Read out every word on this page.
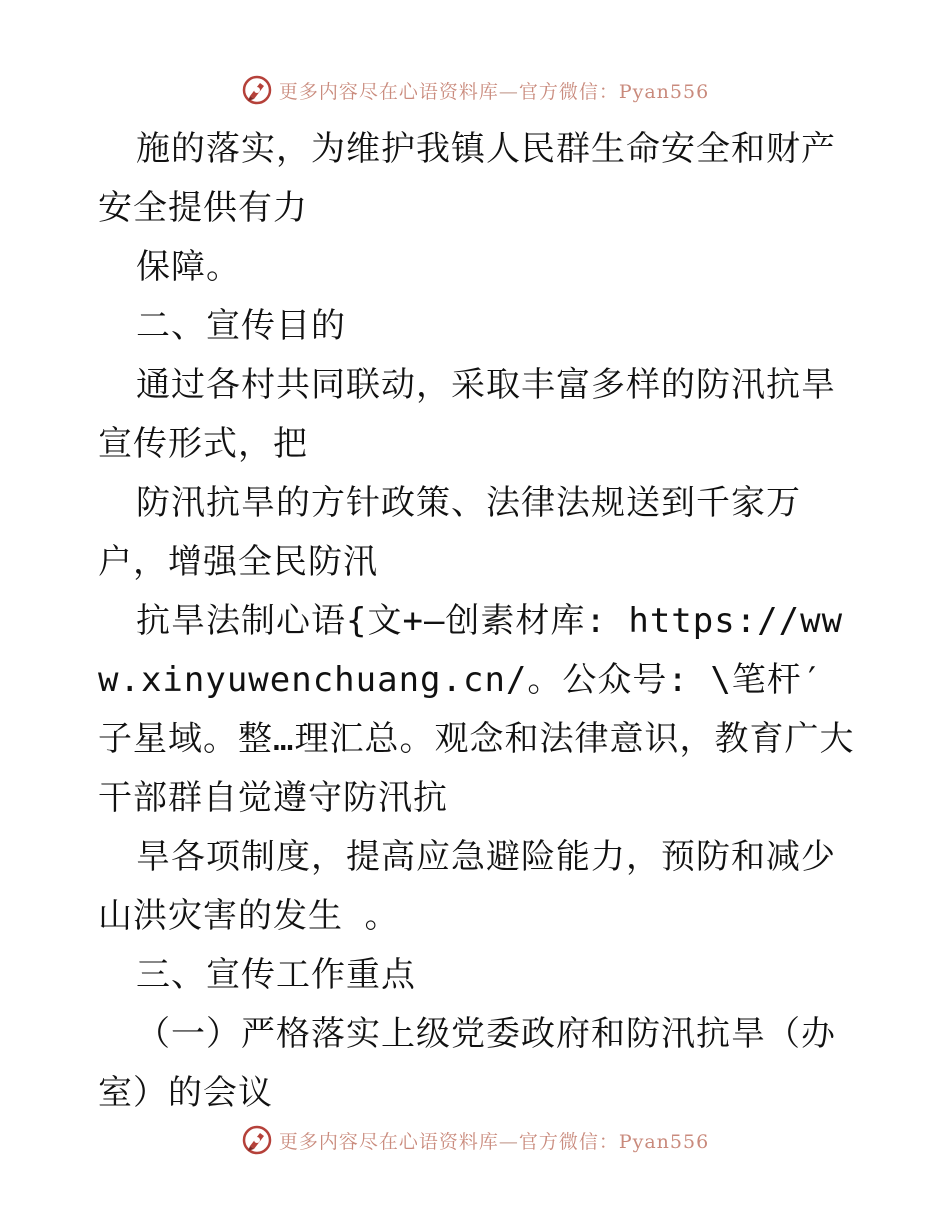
更多内容尽在心语资料库—官方微信：Pyan556

施的落实，为维护我镇人民群生命安全和财产安全提供有力

保障。

二、宣传目的

通过各村共同联动，采取丰富多样的防汛抗旱宣传形式，把

防汛抗旱的方针政策、法律法规送到千家万户，增强全民防汛

抗旱法制心语{文+—创素材库: https://www.xinyuwenchuang.cn/。公众号: \笔杆′子星域。整…理汇总。观念和法律意识，教育广大干部群自觉遵守防汛抗

旱各项制度，提高应急避险能力，预防和减少山洪灾害的发生 。

三、宣传工作重点

（一）严格落实上级党委政府和防汛抗旱（办室）的会议

更多内容尽在心语资料库—官方微信：Pyan556
